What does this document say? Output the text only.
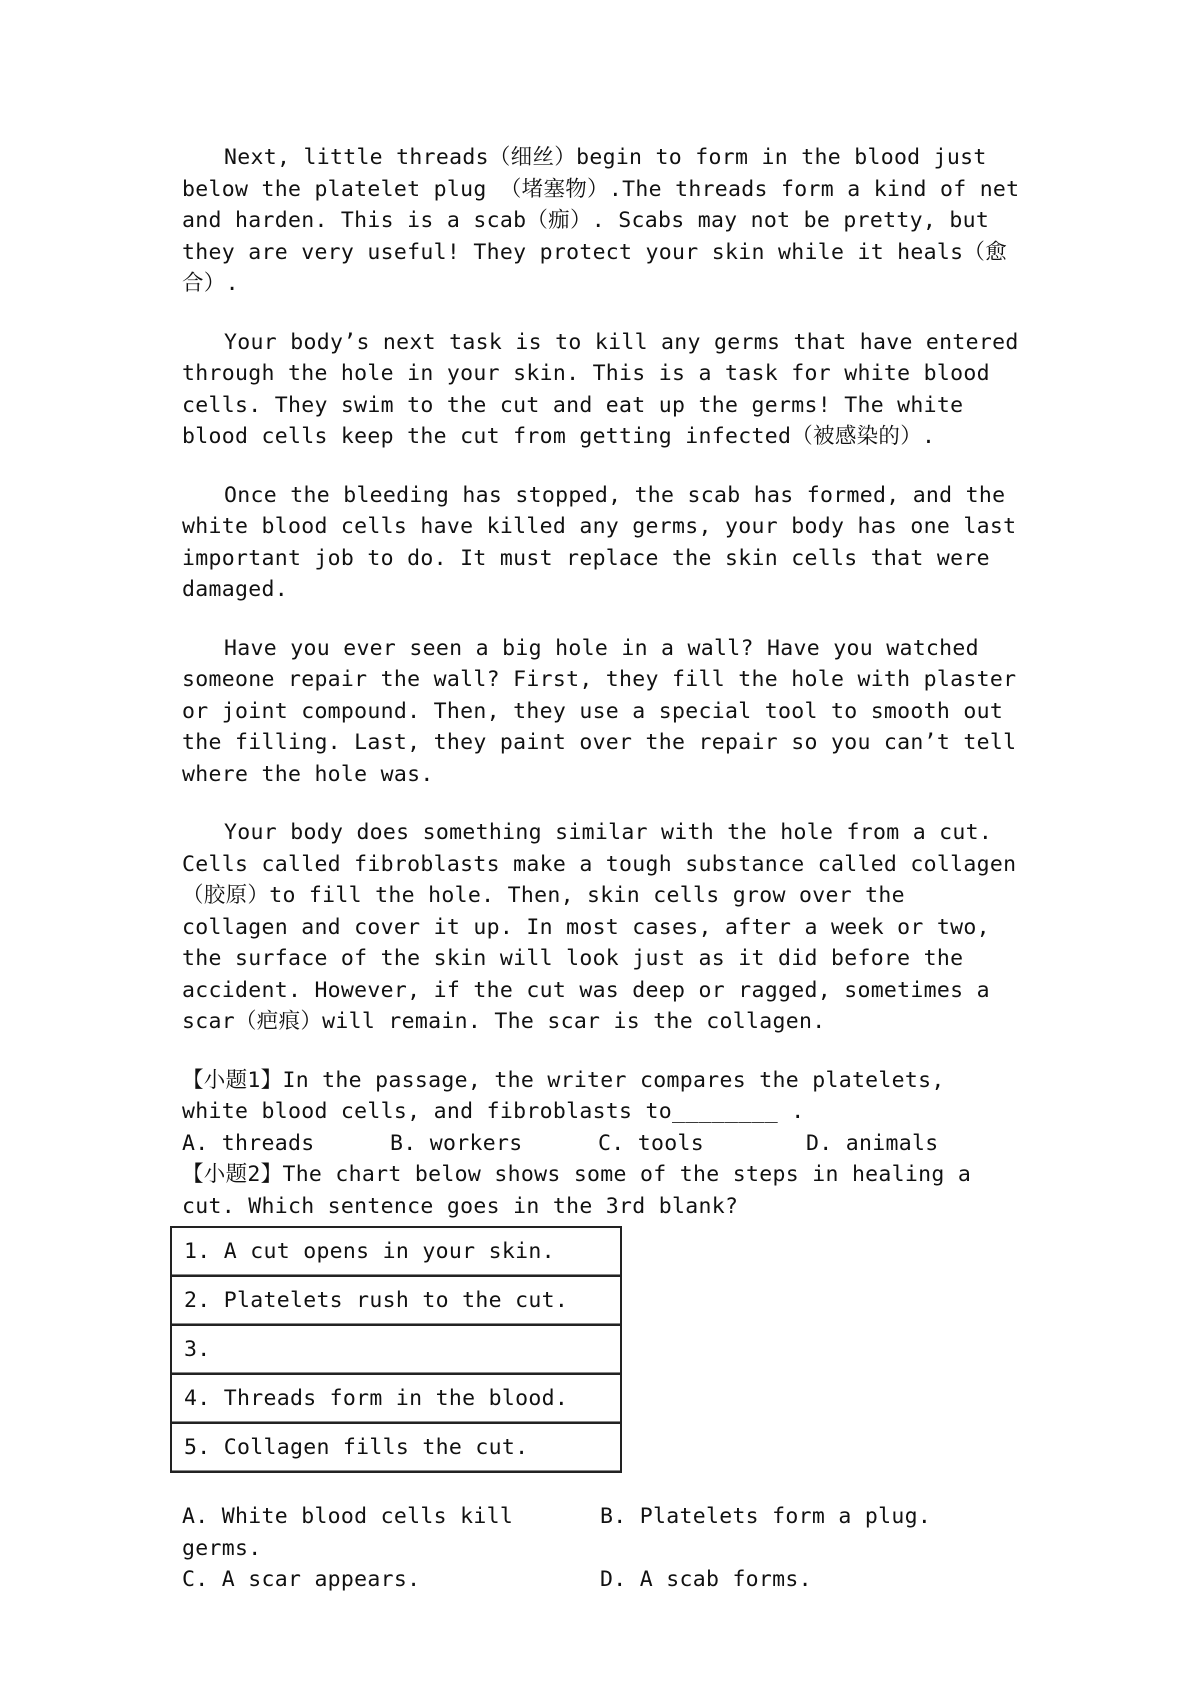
Next, little threads（细丝）begin to form in the blood just below the platelet plug （堵塞物）.The threads form a kind of net and harden. This is a scab（痂）. Scabs may not be pretty, but they are very useful! They protect your skin while it heals（愈合）.

Your body’s next task is to kill any germs that have entered through the hole in your skin. This is a task for white blood cells. They swim to the cut and eat up the germs! The white blood cells keep the cut from getting infected（被感染的）.

Once the bleeding has stopped, the scab has formed, and the white blood cells have killed any germs, your body has one last important job to do. It must replace the skin cells that were damaged.

Have you ever seen a big hole in a wall? Have you watched someone repair the wall? First, they fill the hole with plaster or joint compound. Then, they use a special tool to smooth out the filling. Last, they paint over the repair so you can’t tell where the hole was.

Your body does something similar with the hole from a cut. Cells called fibroblasts make a tough substance called collagen（胶原）to fill the hole. Then, skin cells grow over the collagen and cover it up. In most cases, after a week or two, the surface of the skin will look just as it did before the accident. However, if the cut was deep or ragged, sometimes a scar（疤痕）will remain. The scar is the collagen.

【小题1】In the passage, the writer compares the platelets, white blood cells, and fibroblasts to________ .

A. threads	B. workers	C. tools	D. animals

【小题2】The chart below shows some of the steps in healing a cut. Which sentence goes in the 3rd blank?

1. A cut opens in your skin.
2. Platelets rush to the cut.
3.
4. Threads form in the blood.
5. Collagen fills the cut.
A. White blood cells kill germs.
B. Platelets form a plug.
C. A scar appears.	D. A scab forms.
